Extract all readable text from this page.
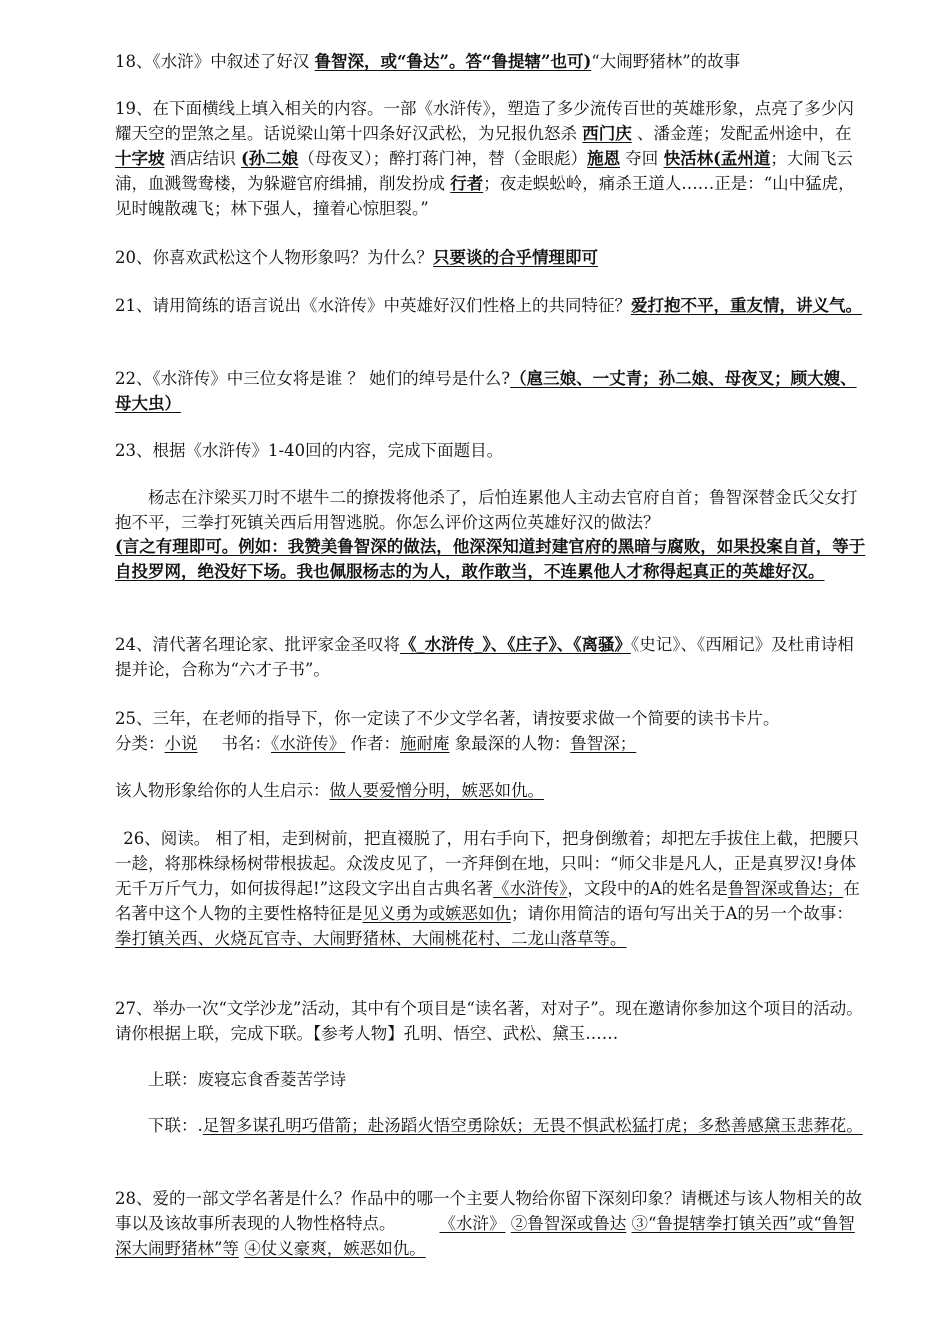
18、《水浒》中叙述了好汉 鲁智深，或“鲁达”。答“鲁提辖”也可)“大闹野猪林”的故事

19、在下面横线上填入相关的内容。一部《水浒传》，塑造了多少流传百世的英雄形象，点亮了多少闪耀天空的罡煞之星。话说梁山第十四条好汉武松，为兄报仇怒杀 西门庆 、潘金莲；发配孟州途中，在 十字坡 酒店结识 (孙二娘（母夜叉）；醉打蒋门神，替（金眼彪）施恩 夺回 快活林(孟州道；大闹飞云浦，血溅鸳鸯楼，为躲避官府缉捕，削发扮成 行者；夜走蜈蚣岭，痛杀王道人……正是：“山中猛虎，见时魄散魂飞；林下强人，撞着心惊胆裂。”

20、你喜欢武松这个人物形象吗？为什么？只要谈的合乎情理即可

21、请用简练的语言说出《水浒传》中英雄好汉们性格上的共同特征？爱打抱不平，重友情，讲义气。

22、《水浒传》中三位女将是谁 ？ 她们的绰号是什么?（扈三娘、一丈青；孙二娘、母夜叉；顾大嫂、母大虫）

23、根据《水浒传》1-40回的内容，完成下面题目。

杨志在汴梁买刀时不堪牛二的撩拨将他杀了，后怕连累他人主动去官府自首；鲁智深替金氏父女打抱不平，三拳打死镇关西后用智逃脱。你怎么评价这两位英雄好汉的做法？

(言之有理即可。例如：我赞美鲁智深的做法，他深深知道封建官府的黑暗与腐败，如果投案自首，等于自投罗网，绝没好下场。我也佩服杨志的为人，敢作敢当，不连累他人才称得起真正的英雄好汉。

24、清代著名理论家、批评家金圣叹将《_水浒传_》、《庄子》、《离骚》《史记》、《西厢记》及杜甫诗相提并论，合称为“六才子书”。

25、三年，在老师的指导下，你一定读了不少文学名著，请按要求做一个简要的读书卡片。
分类：小说 书名：《水浒传》 作者：施耐庵 象最深的人物：鲁智深；

该人物形象给你的人生启示：做人要爱憎分明，嫉恶如仇。

26、阅读。 相了相，走到树前，把直裰脱了，用右手向下，把身倒缴着；却把左手拔住上截，把腰只一趁，将那株绿杨树带根拔起。众泼皮见了，一齐拜倒在地，只叫：“师父非是凡人，正是真罗汉!身体无千万斤气力，如何拔得起!”这段文字出自古典名著《水浒传》，文段中的A的姓名是鲁智深或鲁达；在名著中这个人物的主要性格特征是见义勇为或嫉恶如仇；请你用简洁的语句写出关于A的另一个故事：拳打镇关西、火烧瓦官寺、大闹野猪林、大闹桃花村、二龙山落草等。

27、举办一次“文学沙龙”活动，其中有个项目是“读名著，对对子”。现在邀请你参加这个项目的活动。请你根据上联，完成下联。【参考人物】孔明、悟空、武松、黛玉……

上联：废寝忘食香菱苦学诗

下联：.足智多谋孔明巧借箭；赴汤蹈火悟空勇除妖；无畏不惧武松猛打虎；多愁善感黛玉悲葬花。

28、爱的一部文学名著是什么？作品中的哪一个主要人物给你留下深刻印象？请概述与该人物相关的故事以及该故事所表现的人物性格特点。	《水浒》 ②鲁智深或鲁达 ③“鲁提辖拳打镇关西”或“鲁智深大闹野猪林”等 ④仗义豪爽，嫉恶如仇。
